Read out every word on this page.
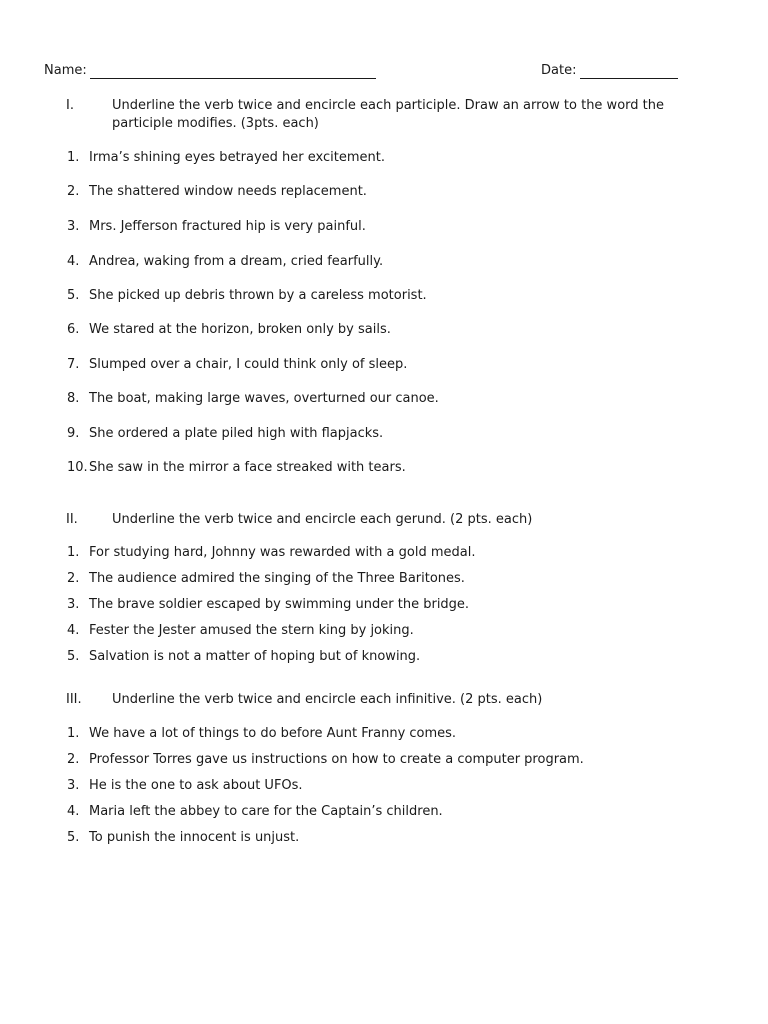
Name:	Date:
I.	Underline the verb twice and encircle each participle. Draw an arrow to the word the participle modifies. (3pts. each)
1. Irma’s shining eyes betrayed her excitement.
2. The shattered window needs replacement.
3. Mrs. Jefferson fractured hip is very painful.
4. Andrea, waking from a dream, cried fearfully.
5. She picked up debris thrown by a careless motorist.
6. We stared at the horizon, broken only by sails.
7. Slumped over a chair, I could think only of sleep.
8. The boat, making large waves, overturned our canoe.
9. She ordered a plate piled high with flapjacks.
10.She saw in the mirror a face streaked with tears.
II.	Underline the verb twice and encircle each gerund. (2 pts. each)
1. For studying hard, Johnny was rewarded with a gold medal.
2. The audience admired the singing of the Three Baritones.
3. The brave soldier escaped by swimming under the bridge.
4. Fester the Jester amused the stern king by joking.
5. Salvation is not a matter of hoping but of knowing.
III. Underline the verb twice and encircle each infinitive. (2 pts. each)
1. We have a lot of things to do before Aunt Franny comes.
2. Professor Torres gave us instructions on how to create a computer program.
3. He is the one to ask about UFOs.
4. Maria left the abbey to care for the Captain’s children.
5. To punish the innocent is unjust.
